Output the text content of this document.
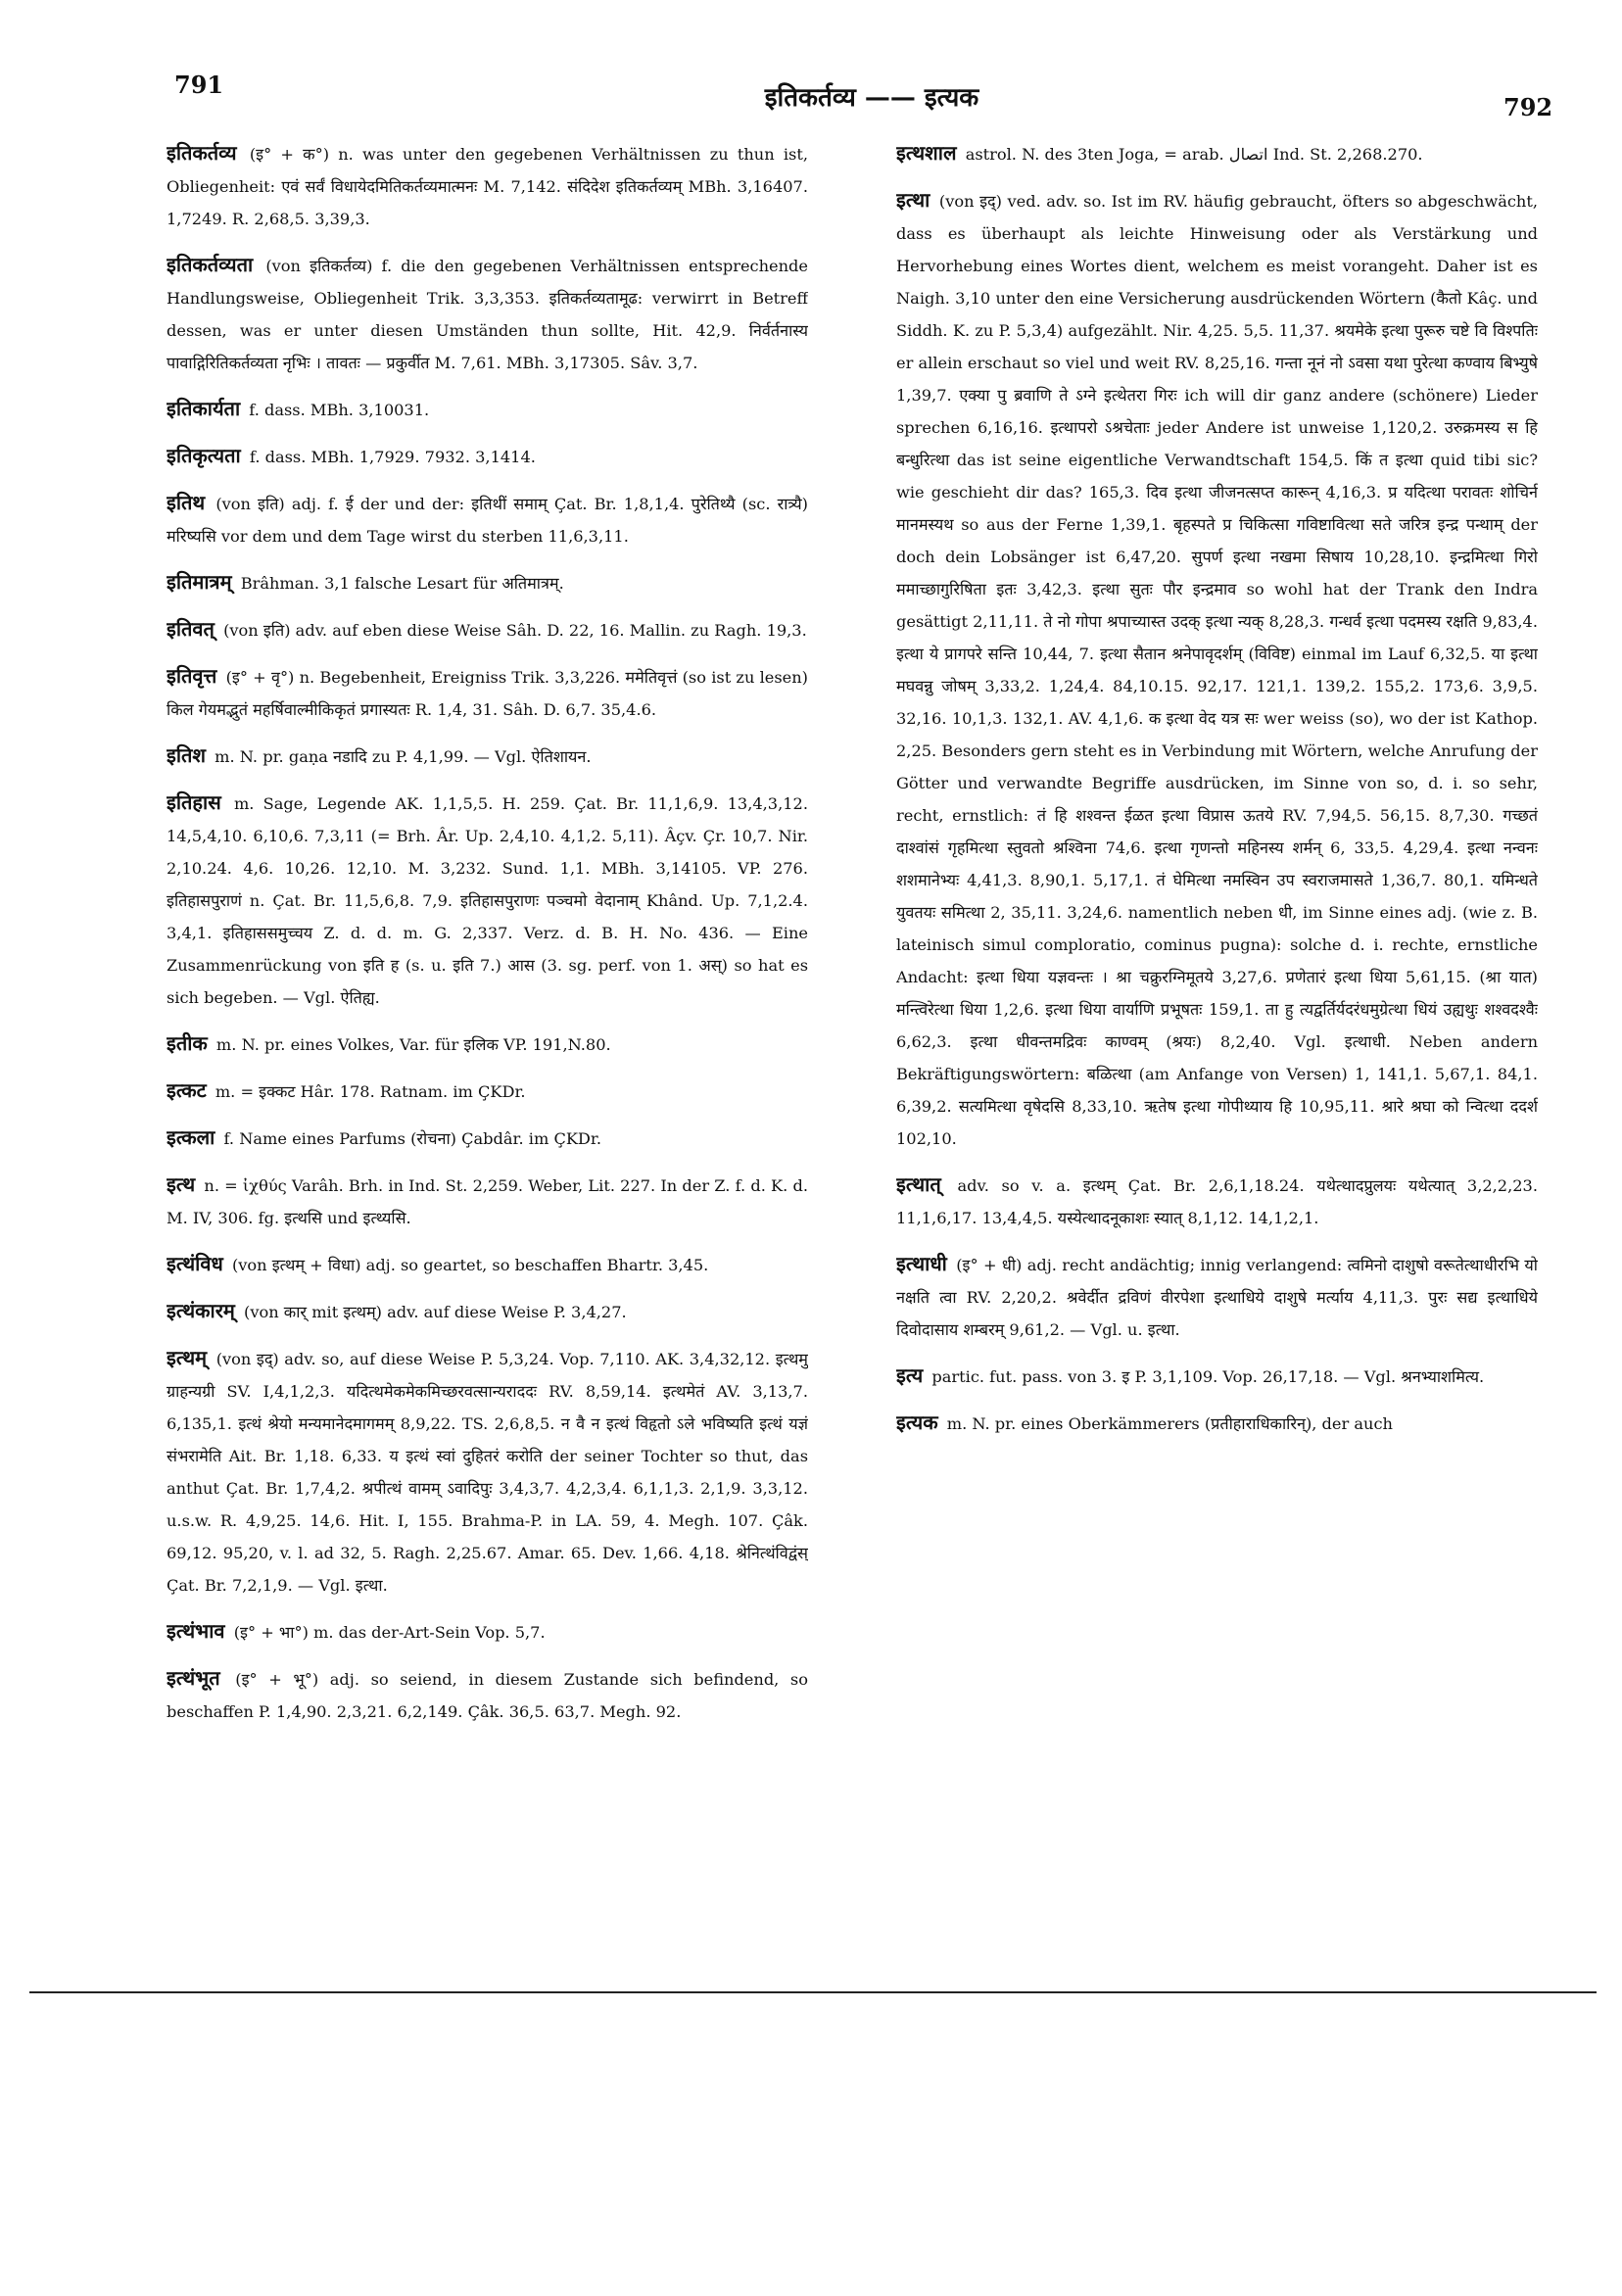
791	इतिकर्तव्य —— इत्यक	792

इतिकर्तव्य (इ° + क°) n. was unter den gegebenen Verhältnissen zu thun ist, Obliegenheit: एवं सर्वं विधायेदमितिकर्तव्यमात्मनः M. 7,142. संदिदेश इतिकर्तव्यम् MBh. 3,16407. 1,7249. R. 2,68,5. 3,39,3.

इतिकर्तव्यता (von इतिकर्तव्य) f. die den gegebenen Verhältnissen entsprechende Handlungsweise, Obliegenheit Trik. 3,3,353. इतिकर्तव्यतामूढ: verwirrt in Betreff dessen, was er unter diesen Umständen thun sollte, Hit. 42,9. निर्वर्तनास्य पावाद्गिरितिकर्तव्यता नृभिः । तावतः — प्रकुर्वीत M. 7,61. MBh. 3,17305. Sâv. 3,7.

इतिकार्यता f. dass. MBh. 3,10031.

इतिकृत्यता f. dass. MBh. 1,7929. 7932. 3,1414.

इतिथ (von इति) adj. f. ई der und der: इतिथीं समाम् Çat. Br. 1,8,1,4. पुरेतिथ्यै (sc. रात्र्यै) मरिष्यसि vor dem und dem Tage wirst du sterben 11,6,3,11.

इतिमात्रम् Brâhman. 3,1 falsche Lesart für अतिमात्रम्.

इतिवत् (von इति) adv. auf eben diese Weise Sâh. D. 22, 16. Mallin. zu Ragh. 19,3.

इतिवृत्त (इ° + वृ°) n. Begebenheit, Ereigniss Trik. 3,3,226. ममेतिवृत्तं (so ist zu lesen) किल गेयमद्भुतं महर्षिवाल्मीकिकृतं प्रगास्यतः R. 1,4, 31. Sâh. D. 6,7. 35,4.6.

इतिश m. N. pr. gaṇa नडादि zu P. 4,1,99. — Vgl. ऐतिशायन.

इतिहास m. Sage, Legende AK. 1,1,5,5. H. 259. Çat. Br. 11,1,6,9. 13,4,3,12. 14,5,4,10. 6,10,6. 7,3,11 (= Brh. Âr. Up. 2,4,10. 4,1,2. 5,11). Âçv. Çr. 10,7. Nir. 2,10.24. 4,6. 10,26. 12,10. M. 3,232. Sund. 1,1. MBh. 3,14105. VP. 276. इतिहासपुराणं n. Çat. Br. 11,5,6,8. 7,9. इतिहासपुराणः पञ्चमो वेदानाम् Khând. Up. 7,1,2.4. 3,4,1. इतिहाससमुच्चय Z. d. d. m. G. 2,337. Verz. d. B. H. No. 436. — Eine Zusammenrückung von इति ह (s. u. इति 7.) आस (3. sg. perf. von 1. अस्) so hat es sich begeben. — Vgl. ऐतिह्य.

इतीक m. N. pr. eines Volkes, Var. für इलिक VP. 191,N.80.

इत्कट m. = इक्कट Hâr. 178. Ratnam. im ÇKDr.

इत्कला f. Name eines Parfums (रोचना) Çabdâr. im ÇKDr.

इत्थ n. = ἰχθύς Varâh. Brh. in Ind. St. 2,259. Weber, Lit. 227. In der Z. f. d. K. d. M. IV, 306. fg. इत्थसि und इत्थ्यसि.

इत्थंविध (von इत्थम् + विधा) adj. so geartet, so beschaffen Bhartr. 3,45.

इत्थंकारम् (von कार् mit इत्थम्) adv. auf diese Weise P. 3,4,27.

इत्थम् (von इद्) adv. so, auf diese Weise P. 5,3,24. Vop. 7,110. AK. 3,4,32,12. इत्थमु ग्राहन्यग्री SV. I,4,1,2,3. यदित्थमेकमेकमिच्छरवत्सान्यराददः RV. 8,59,14. इत्थमेतं AV. 3,13,7. 6,135,1. इत्थं श्रेयो मन्यमानेदमागमम् 8,9,22. TS. 2,6,8,5. न वै न इत्थं विहृतो ऽले भविष्यति इत्थं यज्ञं संभरामेति Ait. Br. 1,18. 6,33. य इत्थं स्वां दुहितरं करोति der seiner Tochter so thut, das anthut Çat. Br. 1,7,4,2. श्रपीत्थं वामम् ऽवादिपुः 3,4,3,7. 4,2,3,4. 6,1,1,3. 2,1,9. 3,3,12. u.s.w. R. 4,9,25. 14,6. Hit. I, 155. Brahma-P. in LA. 59, 4. Megh. 107. Çâk. 69,12. 95,20, v. l. ad 32, 5. Ragh. 2,25.67. Amar. 65. Dev. 1,66. 4,18. श्रेनित्थंविद्वंस् Çat. Br. 7,2,1,9. — Vgl. इत्था.

इत्थंभाव (इ° + भा°) m. das der-Art-Sein Vop. 5,7.

इत्थंभूत (इ° + भू°) adj. so seiend, in diesem Zustande sich befindend, so beschaffen P. 1,4,90. 2,3,21. 6,2,149. Çâk. 36,5. 63,7. Megh. 92.

इत्थशाल astrol. N. des 3ten Joga, = arab. اتصال Ind. St. 2,268.270.

इत्था (von इद्) ved. adv. so. Ist im RV. häufig gebraucht, öfters so abgeschwächt, dass es überhaupt als leichte Hinweisung oder als Verstärkung und Hervorhebung eines Wortes dient, welchem es meist vorangeht. Daher ist es Naigh. 3,10 unter den eine Versicherung ausdrückenden Wörtern (कैतो Kâç. und Siddh. K. zu P. 5,3,4) aufgezählt. Nir. 4,25. 5,5. 11,37. श्रयमेके इत्था पुरूरु चष्टे वि विश्पतिः er allein erschaut so viel und weit RV. 8,25,16. गन्ता नूनं नो ऽवसा यथा पुरेत्था कण्वाय बिभ्युषे 1,39,7. एक्या पु ब्रवाणि ते ऽग्ने इत्थेतरा गिरः ich will dir ganz andere (schönere) Lieder sprechen 6,16,16. इत्थापरो ऽश्रचेताः jeder Andere ist unweise 1,120,2. उरुक्रमस्य स हि बन्धुरित्था das ist seine eigentliche Verwandtschaft 154,5. किं त इत्था quid tibi sic? wie geschieht dir das? 165,3. दिव इत्था जीजनत्सप्त कारून् 4,16,3. प्र यदित्था परावतः शोचिर्न मानमस्यथ so aus der Ferne 1,39,1. बृहस्पते प्र चिकित्सा गविष्टावित्था सते जरित्र इन्द्र पन्थाम् der doch dein Lobsänger ist 6,47,20. सुपर्ण इत्था नखमा सिषाय 10,28,10. इन्द्रमित्था गिरो ममाच्छागुरिषिता इतः 3,42,3. इत्था सुतः पौर इन्द्रमाव so wohl hat der Trank den Indra gesättigt 2,11,11. ते नो गोपा श्रपाच्यास्त उदक् इत्था न्यक् 8,28,3. गन्धर्व इत्था पदमस्य रक्षति 9,83,4. इत्था ये प्रागपरे सन्ति 10,44, 7. इत्था सैतान श्रनेपावृदर्शम् (विविष्ट) einmal im Lauf 6,32,5. या इत्था मघवन्नु जोषम् 3,33,2. 1,24,4. 84,10.15. 92,17. 121,1. 139,2. 155,2. 173,6. 3,9,5. 32,16. 10,1,3. 132,1. AV. 4,1,6. क इत्था वेद यत्र सः wer weiss (so), wo der ist Kathop. 2,25. Besonders gern steht es in Verbindung mit Wörtern, welche Anrufung der Götter und verwandte Begriffe ausdrücken, im Sinne von so, d. i. so sehr, recht, ernstlich: तं हि शश्वन्त ईळत इत्था विप्रास ऊतये RV. 7,94,5. 56,15. 8,7,30. गच्छतं दाश्वांसं गृहमित्था स्तुवतो श्रश्विना 74,6. इत्था गृणन्तो महिनस्य शर्मन् 6, 33,5. 4,29,4. इत्था नन्वनः शशमानेभ्यः 4,41,3. 8,90,1. 5,17,1. तं घेमित्था नमस्विन उप स्वराजमासते 1,36,7. 80,1. यमिन्धते युवतयः समित्था 2, 35,11. 3,24,6. namentlich neben धी, im Sinne eines adj. (wie z. B. lateinisch simul comploratio, cominus pugna): solche d. i. rechte, ernstliche Andacht: इत्था धिया यज्ञवन्तः । श्रा चक्रुरग्निमूतये 3,27,6. प्रणेतारं इत्था धिया 5,61,15. (श्रा यात) मन्त्विरेत्था धिया 1,2,6. इत्था धिया वार्याणि प्रभूषतः 159,1. ता हु त्यद्वर्तिर्यदरंधमुग्रेत्था धियं उह्यथुः शश्वदश्वैः 6,62,3. इत्था धीवन्तमद्रिवः काण्वम् (श्रयः) 8,2,40. Vgl. इत्थाधी. Neben andern Bekräftigungswörtern: बळित्था (am Anfange von Versen) 1, 141,1. 5,67,1. 84,1. 6,39,2. सत्यमित्था वृषेदसि 8,33,10. ऋतेष इत्था गोपीथ्याय हि 10,95,11. श्रारे श्रघा को न्वित्था ददर्श 102,10.

इत्थात् adv. so v. a. इत्थम् Çat. Br. 2,6,1,18.24. यथेत्थादप्रुलयः यथेत्यात् 3,2,2,23. 11,1,6,17. 13,4,4,5. यस्येत्थादनूकाशः स्यात् 8,1,12. 14,1,2,1.

इत्थाधी (इ° + धी) adj. recht andächtig; innig verlangend: त्वमिनो दाशुषो वरूतेत्थाधीरभि यो नक्षति त्वा RV. 2,20,2. श्रवेर्दीत द्रविणं वीरपेशा इत्थाधिये दाशुषे मर्त्याय 4,11,3. पुरः सद्य इत्थाधिये दिवोदासाय शम्बरम् 9,61,2. — Vgl. u. इत्था.

इत्य partic. fut. pass. von 3. इ P. 3,1,109. Vop. 26,17,18. — Vgl. श्रनभ्याशमित्य.

इत्यक m. N. pr. eines Oberkämmerers (प्रतीहाराधिकारिन्), der auch
